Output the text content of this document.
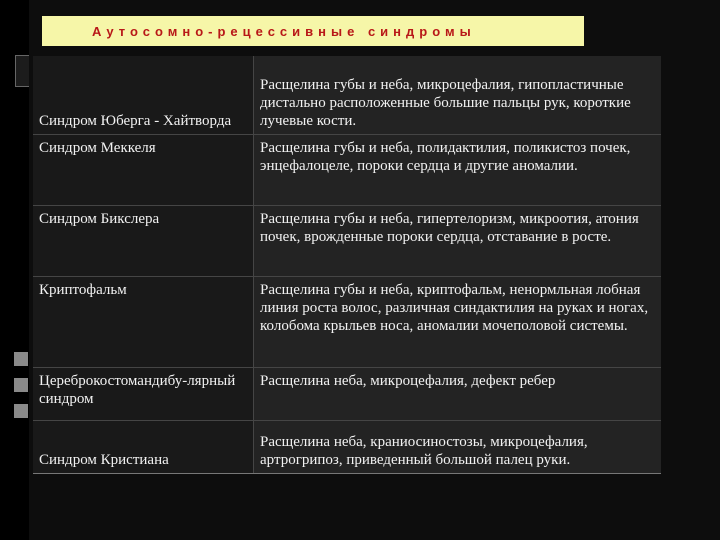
Аутосомно-рецессивные синдромы
Синдром Юберга - Хайтворда	Расщелина губы и неба, микроцефалия, гипопластичные дистально расположенные большие пальцы рук, короткие лучевые кости.
Синдром Меккеля	Расщелина губы и неба, полидактилия, поликистоз почек, энцефалоцеле, пороки сердца и другие аномалии.
Синдром Бикслера	Расщелина губы и неба, гипертелоризм, микроотия, атония почек, врожденные пороки сердца, отставание в росте.
Криптофальм	Расщелина губы и неба, криптофальм, ненормльная лобная линия роста волос, различная синдактилия на руках и ногах, колобома крыльев носа, аномалии мочеполовой системы.
Цереброкостомандибу-лярный синдром	Расщелина неба, микроцефалия, дефект ребер
Синдром Кристиана	Расщелина неба, краниосиностозы, микроцефалия, артрогрипоз, приведенный большой палец руки.
